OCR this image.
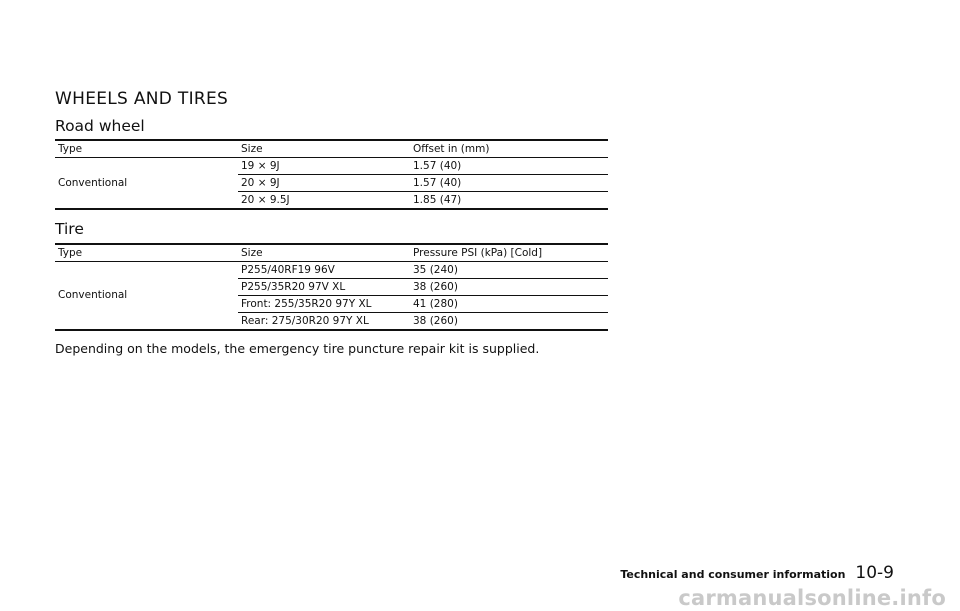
WHEELS AND TIRES
Road wheel
Type	Size	Offset in (mm)
Conventional	19 × 9J	1.57 (40)
	20 × 9J	1.57 (40)
	20 × 9.5J	1.85 (47)
Tire
Type	Size	Pressure PSI (kPa) [Cold]
Conventional	P255/40RF19 96V	35 (240)
	P255/35R20 97V XL	38 (260)
	Front: 255/35R20 97Y XL	41 (280)
	Rear: 275/30R20 97Y XL	38 (260)

Depending on the models, the emergency tire puncture repair kit is supplied.

Technical and consumer information 10-9
carmanualsonline.info
